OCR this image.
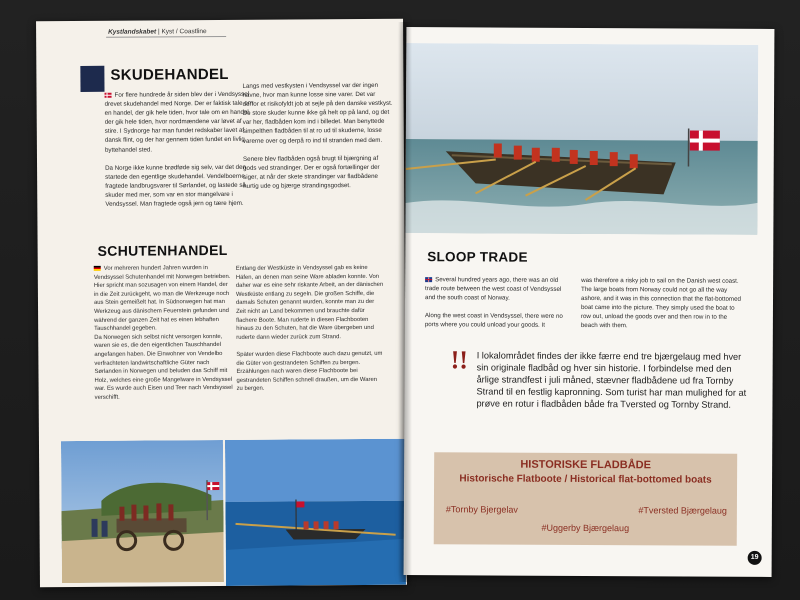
Kystlandskabet | Kyst / Coastline
SKUDEHANDEL
For flere hundrede år siden blev der i Vendsyssel drevet skudehandel med Norge. Der er faktisk tale om en handel, der gik hele tiden, hvor tale om en handel, der gik hele tiden, hvor nordmændene var løvet af stire. I Sydnorge har man fundet redskaber lavet af dansk flint, og der har gennem tiden fundet en livlig byttehandel sted.

Da Norge ikke kunne brødføde sig selv, var det den startede den egentlige skudehandel. Vendelboerne fragtede landbrugsvarer til Sørlandet, og lastede så skuder med mer, som var en stor mangelvare i Vendsyssel. Man fragtede også jern og tære hjem.
Langs med vestkysten i Vendsyssel var der ingen havne, hvor man kunne losse sine varer. Det var derfor et risikofyldt job at sejle på den danske vestkyst. De store skuder kunne ikke gå helt op på land, og det var her, fladbåden kom ind i billedet. Man benyttede simpelthen fladbåden til at ro ud til skuderne, losse varerne over og derpå ro ind til stranden med dem.

Senere blev fladbåden også brugt til bjærgning af gods ved strandinger. Der er også fortællinger der siger, at når der skete strandinger var fladbådene hurtig ude og bjærge strandingsgodset.
SCHUTENHANDEL
Vor mehreren hundert Jahren wurden in Vendsyssel Schutenhandel mit Norwegen betrieben. Hier spricht man sozusagen von einem Handel, der in die Zeit zurückgeht, wo man die Werkzeuge noch aus Stein gemeißelt hat. In Südnorwegen hat man Werkzeug aus dänischem Feuerstein gefunden und während der ganzen Zeit hat es einen lebhaften Tauschhandel gegeben.
Da Norwegen sich selbst nicht versorgen konnte, waren sie es, die den eigentlichen Tauschhandel angefangen haben. Die Einwohner von Vendelbo verfrachteten landwirtschaftliche Güter nach Sørlanden in Norwegen und beluden das Schiff mit Holz, welches eine große Mangelware in Vendsyssel war. Es wurde auch Eisen und Teer nach Vendsyssel verschifft.
Entlang der Westküste in Vendsyssel gab es keine Häfen, an denen man seine Ware abladen konnte. Von daher war es eine sehr riskante Arbeit, an der dänischen Westküste entlang zu segeln. Die großen Schiffe, die damals Schuten genannt wurden, konnte man zu der Zeit nicht an Land bekommen und brauchte dafür flachere Boote. Man ruderte in diesen Flachbooten hinaus zu den Schuten, hat die Ware übergeben und ruderte dann wieder zurück zum Strand.

Später wurden diese Flachboote auch dazu genutzt, um die Güter von gestrandeten Schiffen zu bergen. Erzählungen nach waren diese Flachboote bei gestrandeten Schiffen schnell draußen, um die Waren zu bergen.
SLOOP TRADE
Several hundred years ago, there was an old trade route between the west coast of Vendsyssel and the south coast of Norway.

Along the west coast in Vendsyssel, there were no ports where you could unload your goods. It
was therefore a risky job to sail on the Danish west coast. The large boats from Norway could not go all the way ashore, and it was in this connection that the flat-bottomed boat came into the picture. They simply used the boat to row out, unload the goods over and then row in to the beach with them.
!! I lokalområdet findes der ikke færre end tre bjærgelaug med hver sin originale fladbåd og hver sin historie. I forbindelse med den årlige strandfest i juli måned, stævner fladbådene ud fra Tornby Strand til en festlig kapronning. Som turist har man mulighed for at prøve en rotur i fladbåden både fra Tversted og Tornby Strand.
HISTORISKE FLADBÅDE
Historische Flatboote / Historical flat-bottomed boats
#Tornby Bjergelav	#Tversted Bjærgelaug
#Uggerby Bjærgelaug
19
